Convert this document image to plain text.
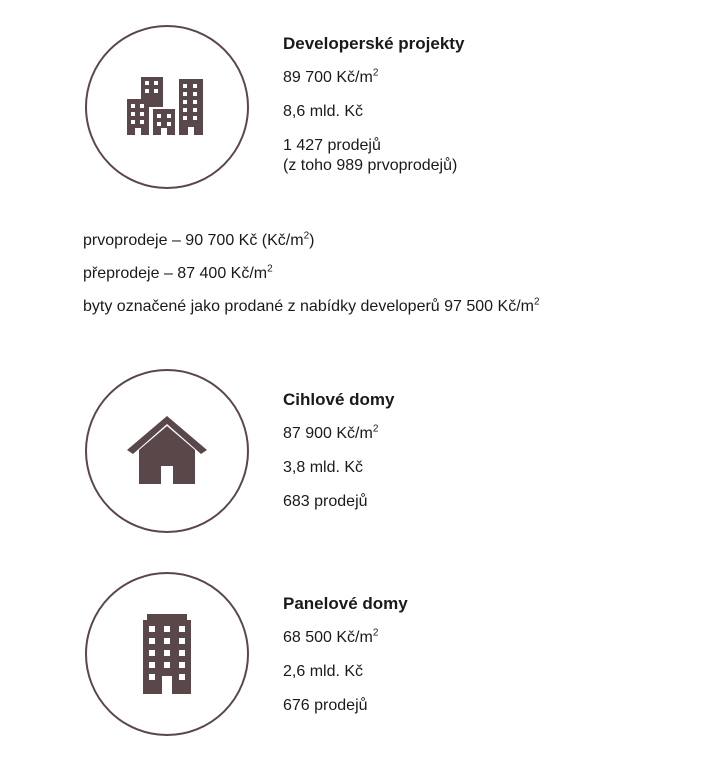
Developerské projekty
89 700 $Kč/m^2$
8,6 mld. Kč
1 427 prodejů
(z toho 989 prvoprodejů)
prvoprodeje – 90 700 Kč $(Kč/m^2)$
přeprodeje – 87 400 $Kč/m^2$
byty označené jako prodané z nabídky developerů 97 500 $Kč/m^2$
Cihlové domy
87 900 $Kč/m^2$
3,8 mld. Kč
683 prodejů
Panelové domy
68 500 $Kč/m^2$
2,6 mld. Kč
676 prodejů
